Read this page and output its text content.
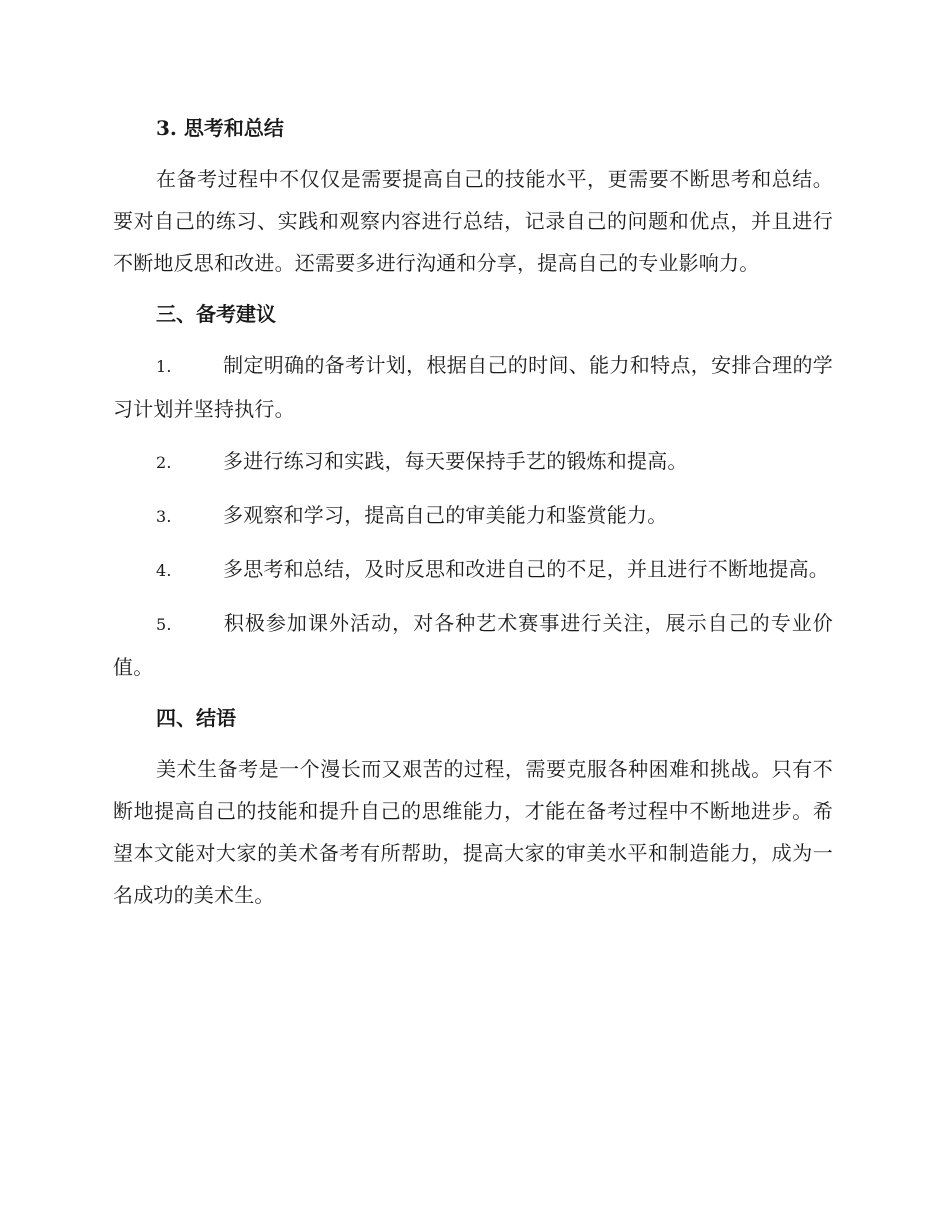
3. 思考和总结

在备考过程中不仅仅是需要提高自己的技能水平，更需要不断思考和总结。要对自己的练习、实践和观察内容进行总结，记录自己的问题和优点，并且进行不断地反思和改进。还需要多进行沟通和分享，提高自己的专业影响力。

三、备考建议

1.	制定明确的备考计划，根据自己的时间、能力和特点，安排合理的学习计划并坚持执行。

2.	多进行练习和实践，每天要保持手艺的锻炼和提高。

3.	多观察和学习，提高自己的审美能力和鉴赏能力。

4.	多思考和总结，及时反思和改进自己的不足，并且进行不断地提高。

5.	积极参加课外活动，对各种艺术赛事进行关注，展示自己的专业价值。

四、结语

美术生备考是一个漫长而又艰苦的过程，需要克服各种困难和挑战。只有不断地提高自己的技能和提升自己的思维能力，才能在备考过程中不断地进步。希望本文能对大家的美术备考有所帮助，提高大家的审美水平和制造能力，成为一名成功的美术生。
